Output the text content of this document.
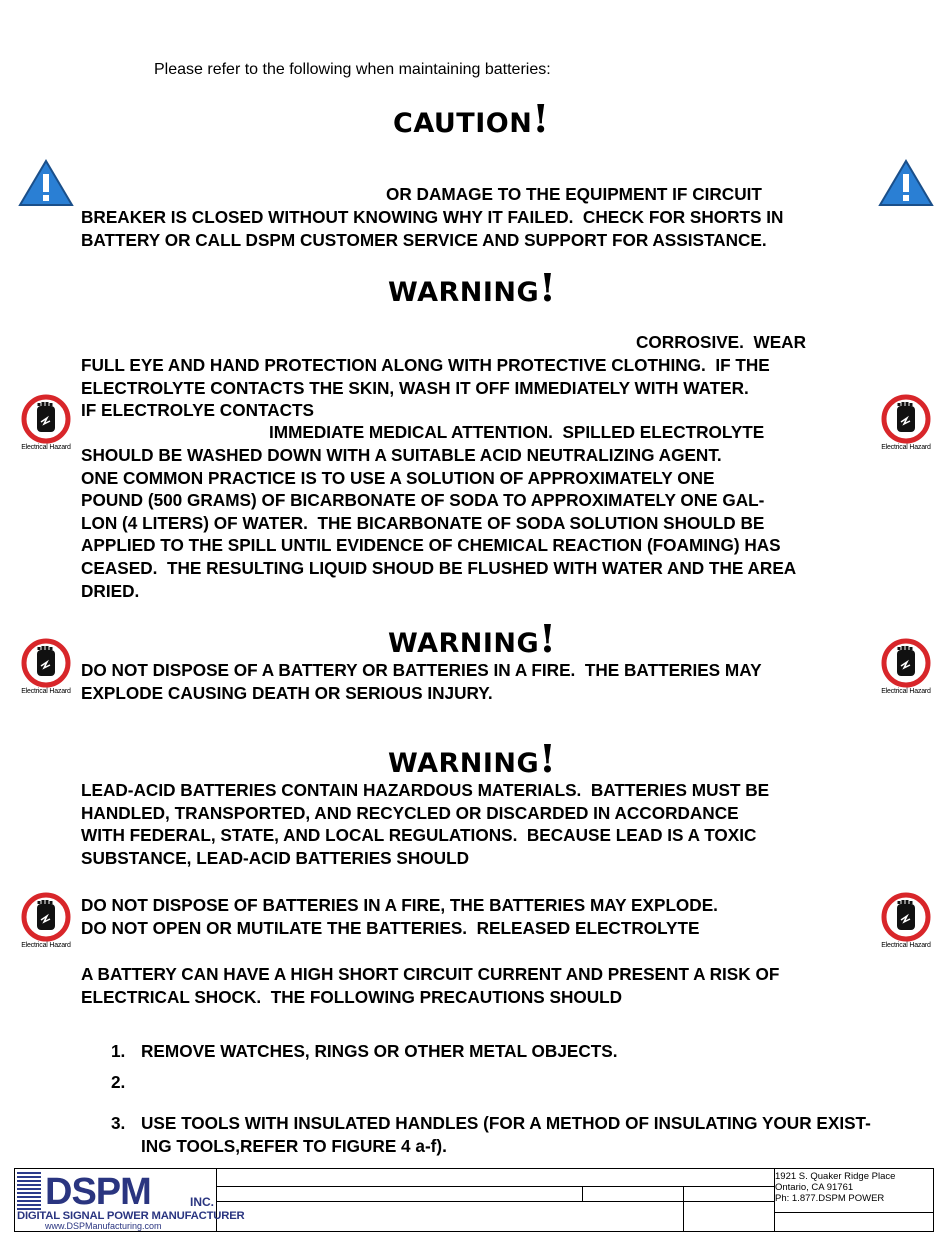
Please refer to the following when maintaining batteries:
CAUTION!
OR DAMAGE TO THE EQUIPMENT IF CIRCUIT
BREAKER IS CLOSED WITHOUT KNOWING WHY IT FAILED.  CHECK FOR SHORTS IN
BATTERY OR CALL DSPM CUSTOMER SERVICE AND SUPPORT FOR ASSISTANCE.
WARNING!
CORROSIVE.  WEAR
FULL EYE AND HAND PROTECTION ALONG WITH PROTECTIVE CLOTHING.  IF THE
ELECTROLYTE CONTACTS THE SKIN, WASH IT OFF IMMEDIATELY WITH WATER.
IF ELECTROLYE CONTACTS
IMMEDIATE MEDICAL ATTENTION.  SPILLED ELECTROLYTE
SHOULD BE WASHED DOWN WITH A SUITABLE ACID NEUTRALIZING AGENT.
ONE COMMON PRACTICE IS TO USE A SOLUTION OF APPROXIMATELY ONE
POUND (500 GRAMS) OF BICARBONATE OF SODA TO APPROXIMATELY ONE GAL-
LON (4 LITERS) OF WATER.  THE BICARBONATE OF SODA SOLUTION SHOULD BE
APPLIED TO THE SPILL UNTIL EVIDENCE OF CHEMICAL REACTION (FOAMING) HAS
CEASED.  THE RESULTING LIQUID SHOUD BE FLUSHED WITH WATER AND THE AREA
DRIED.
Electrical Hazard	Electrical Hazard
WARNING!
DO NOT DISPOSE OF A BATTERY OR BATTERIES IN A FIRE.  THE BATTERIES MAY
EXPLODE CAUSING DEATH OR SERIOUS INJURY.
Electrical Hazard	Electrical Hazard
WARNING!
LEAD-ACID BATTERIES CONTAIN HAZARDOUS MATERIALS.  BATTERIES MUST BE
HANDLED, TRANSPORTED, AND RECYCLED OR DISCARDED IN ACCORDANCE
WITH FEDERAL, STATE, AND LOCAL REGULATIONS.  BECAUSE LEAD IS A TOXIC
SUBSTANCE, LEAD-ACID BATTERIES SHOULD
DO NOT DISPOSE OF BATTERIES IN A FIRE, THE BATTERIES MAY EXPLODE.
DO NOT OPEN OR MUTILATE THE BATTERIES.  RELEASED ELECTROLYTE
A BATTERY CAN HAVE A HIGH SHORT CIRCUIT CURRENT AND PRESENT A RISK OF
ELECTRICAL SHOCK.  THE FOLLOWING PRECAUTIONS SHOULD
Electrical Hazard	Electrical Hazard
1. REMOVE WATCHES, RINGS OR OTHER METAL OBJECTS.
2.
3. USE TOOLS WITH INSULATED HANDLES (FOR A METHOD OF INSULATING YOUR EXIST-
ING TOOLS,REFER TO FIGURE 4 a-f).
DSPM	INC.
DIGITAL SIGNAL POWER MANUFACTURER
www.DSPManufacturing.com
1921 S. Quaker Ridge Place
Ontario, CA 91761
Ph: 1.877.DSPM POWER
